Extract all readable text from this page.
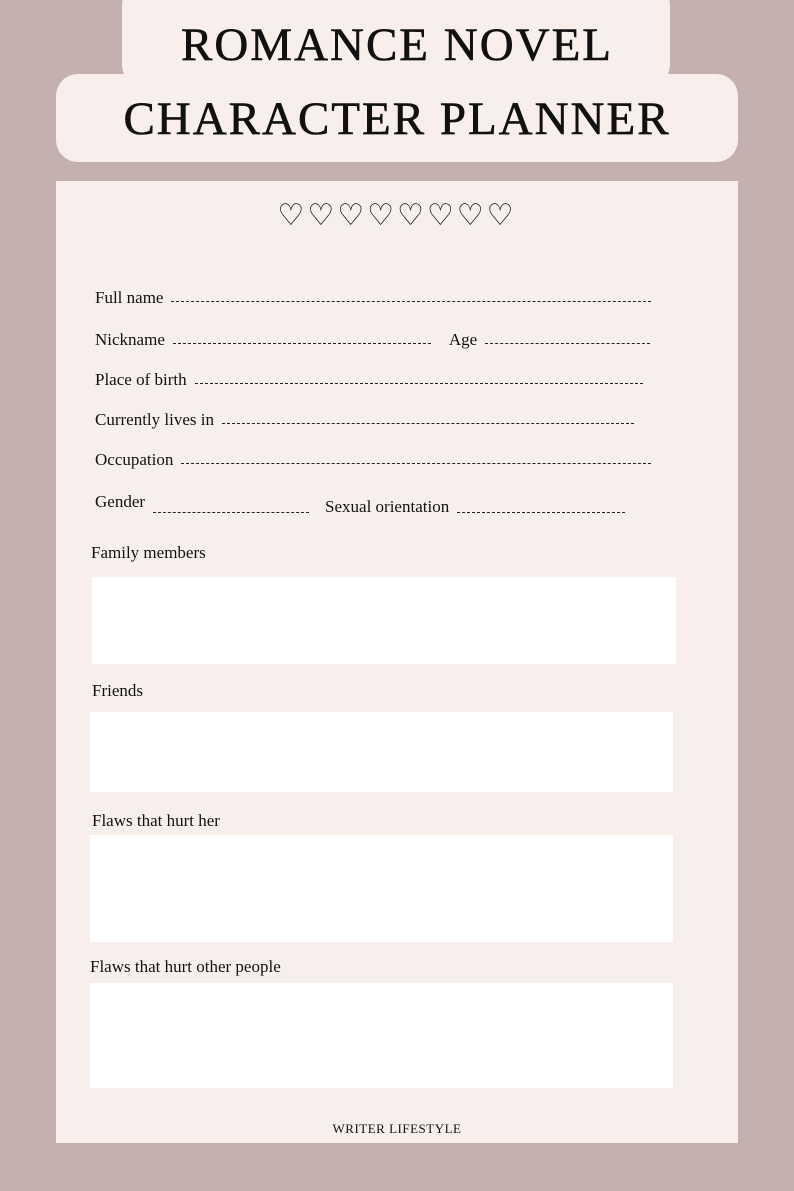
ROMANCE NOVEL
CHARACTER PLANNER
♡♡♡♡♡♡♡♡
Full name
Nickname	Age
Place of birth
Currently lives in
Occupation
Gender	Sexual orientation
Family members
Friends
Flaws that hurt her
Flaws that hurt other people
WRITER LIFESTYLE
